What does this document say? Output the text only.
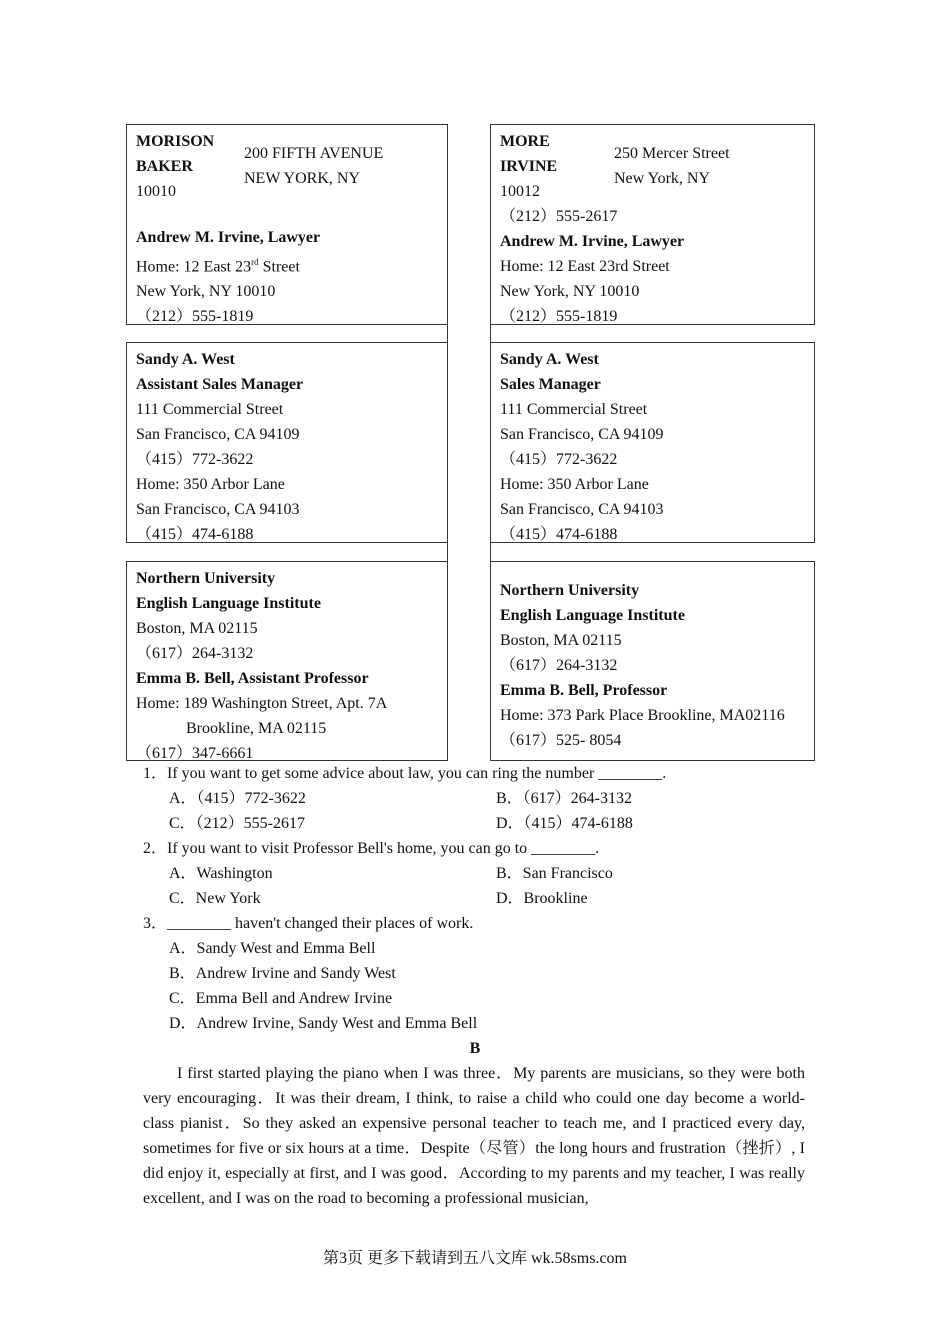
MORISON
BAKER
10010
200 FIFTH AVENUE
NEW YORK, NY
Andrew M. Irvine, Lawyer
Home: 12 East 23rd Street
New York, NY 10010
（212）555-1819
MORE
IRVINE
10012
250 Mercer Street
New York, NY
（212）555-2617
Andrew M. Irvine, Lawyer
Home: 12 East 23rd Street
New York, NY 10010
（212）555-1819
Sandy A. West
Assistant Sales Manager
111 Commercial Street
San Francisco, CA 94109
（415）772-3622
Home: 350 Arbor Lane
San Francisco, CA 94103
（415）474-6188
Sandy A. West
Sales Manager
111 Commercial Street
San Francisco, CA 94109
（415）772-3622
Home: 350 Arbor Lane
San Francisco, CA 94103
（415）474-6188
Northern University
English Language Institute
Boston, MA 02115
（617）264-3132
Emma B. Bell, Assistant Professor
Home: 189 Washington Street, Apt. 7A
Brookline, MA 02115
（617）347-6661
Northern University
English Language Institute
Boston, MA 02115
（617）264-3132
Emma B. Bell, Professor
Home: 373 Park Place Brookline, MA02116
（617）525- 8054
1．If you want to get some advice about law, you can ring the number ________.
A．（415）772-3622	B．（617）264-3132
C．（212）555-2617	D．（415）474-6188
2．If you want to visit Professor Bell's home, you can go to ________.
A．Washington	B．San Francisco
C．New York	D．Brookline
3．________ haven't changed their places of work.
A．Sandy West and Emma Bell
B．Andrew Irvine and Sandy West
C．Emma Bell and Andrew Irvine
D．Andrew Irvine, Sandy West and Emma Bell
B
I first started playing the piano when I was three．My parents are musicians, so they were both very encouraging．It was their dream, I think, to raise a child who could one day become a world-class pianist．So they asked an expensive personal teacher to teach me, and I practiced every day, sometimes for five or six hours at a time．Despite（尽管）the long hours and frustration（挫折）, I did enjoy it, especially at first, and I was good．According to my parents and my teacher, I was really excellent, and I was on the road to becoming a professional musician,
第3页 更多下载请到五八文库 wk.58sms.com
